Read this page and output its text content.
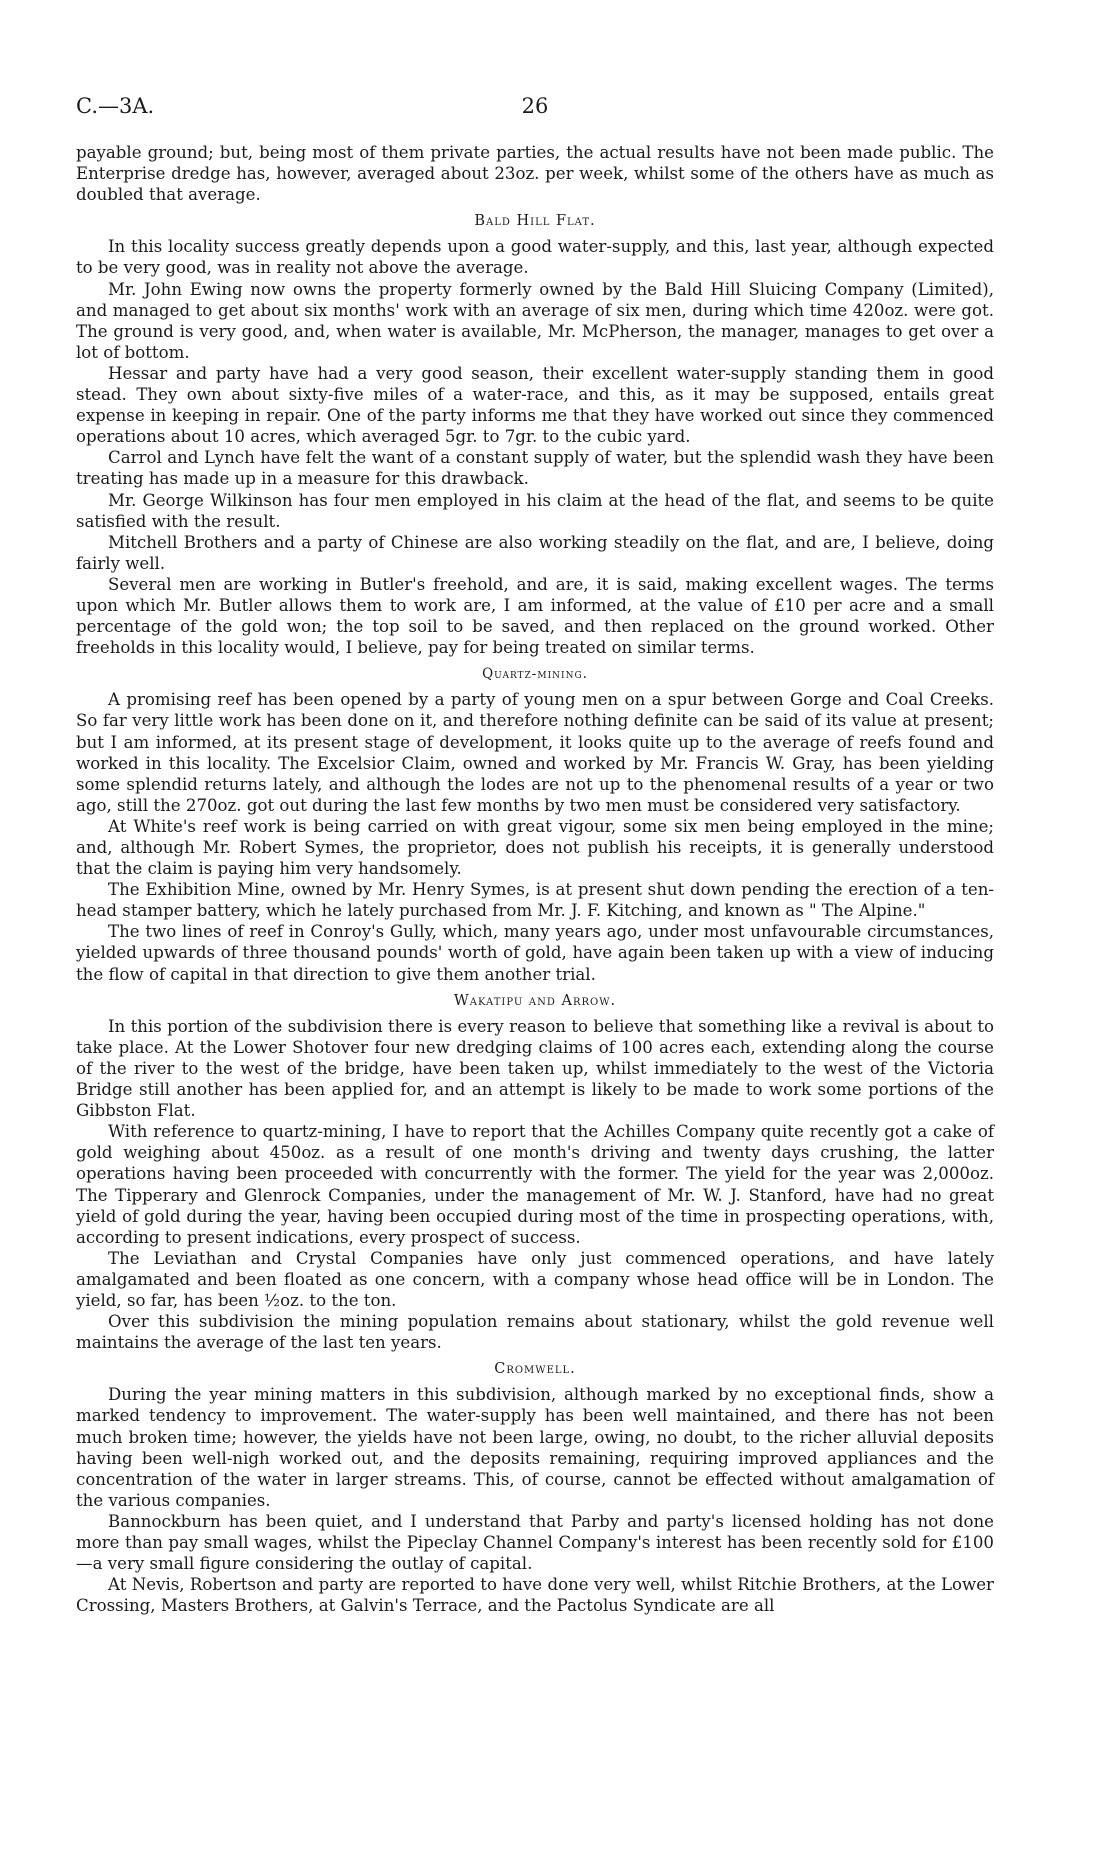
C.—3A.	26

payable ground; but, being most of them private parties, the actual results have not been made public. The Enterprise dredge has, however, averaged about 23oz. per week, whilst some of the others have as much as doubled that average.

Bald Hill Flat.

In this locality success greatly depends upon a good water-supply, and this, last year, although expected to be very good, was in reality not above the average.

Mr. John Ewing now owns the property formerly owned by the Bald Hill Sluicing Company (Limited), and managed to get about six months' work with an average of six men, during which time 420oz. were got. The ground is very good, and, when water is available, Mr. McPherson, the manager, manages to get over a lot of bottom.

Hessar and party have had a very good season, their excellent water-supply standing them in good stead. They own about sixty-five miles of a water-race, and this, as it may be supposed, entails great expense in keeping in repair. One of the party informs me that they have worked out since they commenced operations about 10 acres, which averaged 5gr. to 7gr. to the cubic yard.

Carrol and Lynch have felt the want of a constant supply of water, but the splendid wash they have been treating has made up in a measure for this drawback.

Mr. George Wilkinson has four men employed in his claim at the head of the flat, and seems to be quite satisfied with the result.

Mitchell Brothers and a party of Chinese are also working steadily on the flat, and are, I believe, doing fairly well.

Several men are working in Butler's freehold, and are, it is said, making excellent wages. The terms upon which Mr. Butler allows them to work are, I am informed, at the value of £10 per acre and a small percentage of the gold won; the top soil to be saved, and then replaced on the ground worked. Other freeholds in this locality would, I believe, pay for being treated on similar terms.

Quartz-mining.

A promising reef has been opened by a party of young men on a spur between Gorge and Coal Creeks. So far very little work has been done on it, and therefore nothing definite can be said of its value at present; but I am informed, at its present stage of development, it looks quite up to the average of reefs found and worked in this locality. The Excelsior Claim, owned and worked by Mr. Francis W. Gray, has been yielding some splendid returns lately, and although the lodes are not up to the phenomenal results of a year or two ago, still the 270oz. got out during the last few months by two men must be considered very satisfactory.

At White's reef work is being carried on with great vigour, some six men being employed in the mine; and, although Mr. Robert Symes, the proprietor, does not publish his receipts, it is generally understood that the claim is paying him very handsomely.

The Exhibition Mine, owned by Mr. Henry Symes, is at present shut down pending the erection of a ten-head stamper battery, which he lately purchased from Mr. J. F. Kitching, and known as " The Alpine."

The two lines of reef in Conroy's Gully, which, many years ago, under most unfavourable circumstances, yielded upwards of three thousand pounds' worth of gold, have again been taken up with a view of inducing the flow of capital in that direction to give them another trial.

Wakatipu and Arrow.

In this portion of the subdivision there is every reason to believe that something like a revival is about to take place. At the Lower Shotover four new dredging claims of 100 acres each, extending along the course of the river to the west of the bridge, have been taken up, whilst immediately to the west of the Victoria Bridge still another has been applied for, and an attempt is likely to be made to work some portions of the Gibbston Flat.

With reference to quartz-mining, I have to report that the Achilles Company quite recently got a cake of gold weighing about 450oz. as a result of one month's driving and twenty days crushing, the latter operations having been proceeded with concurrently with the former. The yield for the year was 2,000oz. The Tipperary and Glenrock Companies, under the management of Mr. W. J. Stanford, have had no great yield of gold during the year, having been occupied during most of the time in prospecting operations, with, according to present indications, every prospect of success.

The Leviathan and Crystal Companies have only just commenced operations, and have lately amalgamated and been floated as one concern, with a company whose head office will be in London. The yield, so far, has been ½oz. to the ton.

Over this subdivision the mining population remains about stationary, whilst the gold revenue well maintains the average of the last ten years.

Cromwell.

During the year mining matters in this subdivision, although marked by no exceptional finds, show a marked tendency to improvement. The water-supply has been well maintained, and there has not been much broken time; however, the yields have not been large, owing, no doubt, to the richer alluvial deposits having been well-nigh worked out, and the deposits remaining, requiring improved appliances and the concentration of the water in larger streams. This, of course, cannot be effected without amalgamation of the various companies.

Bannockburn has been quiet, and I understand that Parby and party's licensed holding has not done more than pay small wages, whilst the Pipeclay Channel Company's interest has been recently sold for £100—a very small figure considering the outlay of capital.

At Nevis, Robertson and party are reported to have done very well, whilst Ritchie Brothers, at the Lower Crossing, Masters Brothers, at Galvin's Terrace, and the Pactolus Syndicate are all
